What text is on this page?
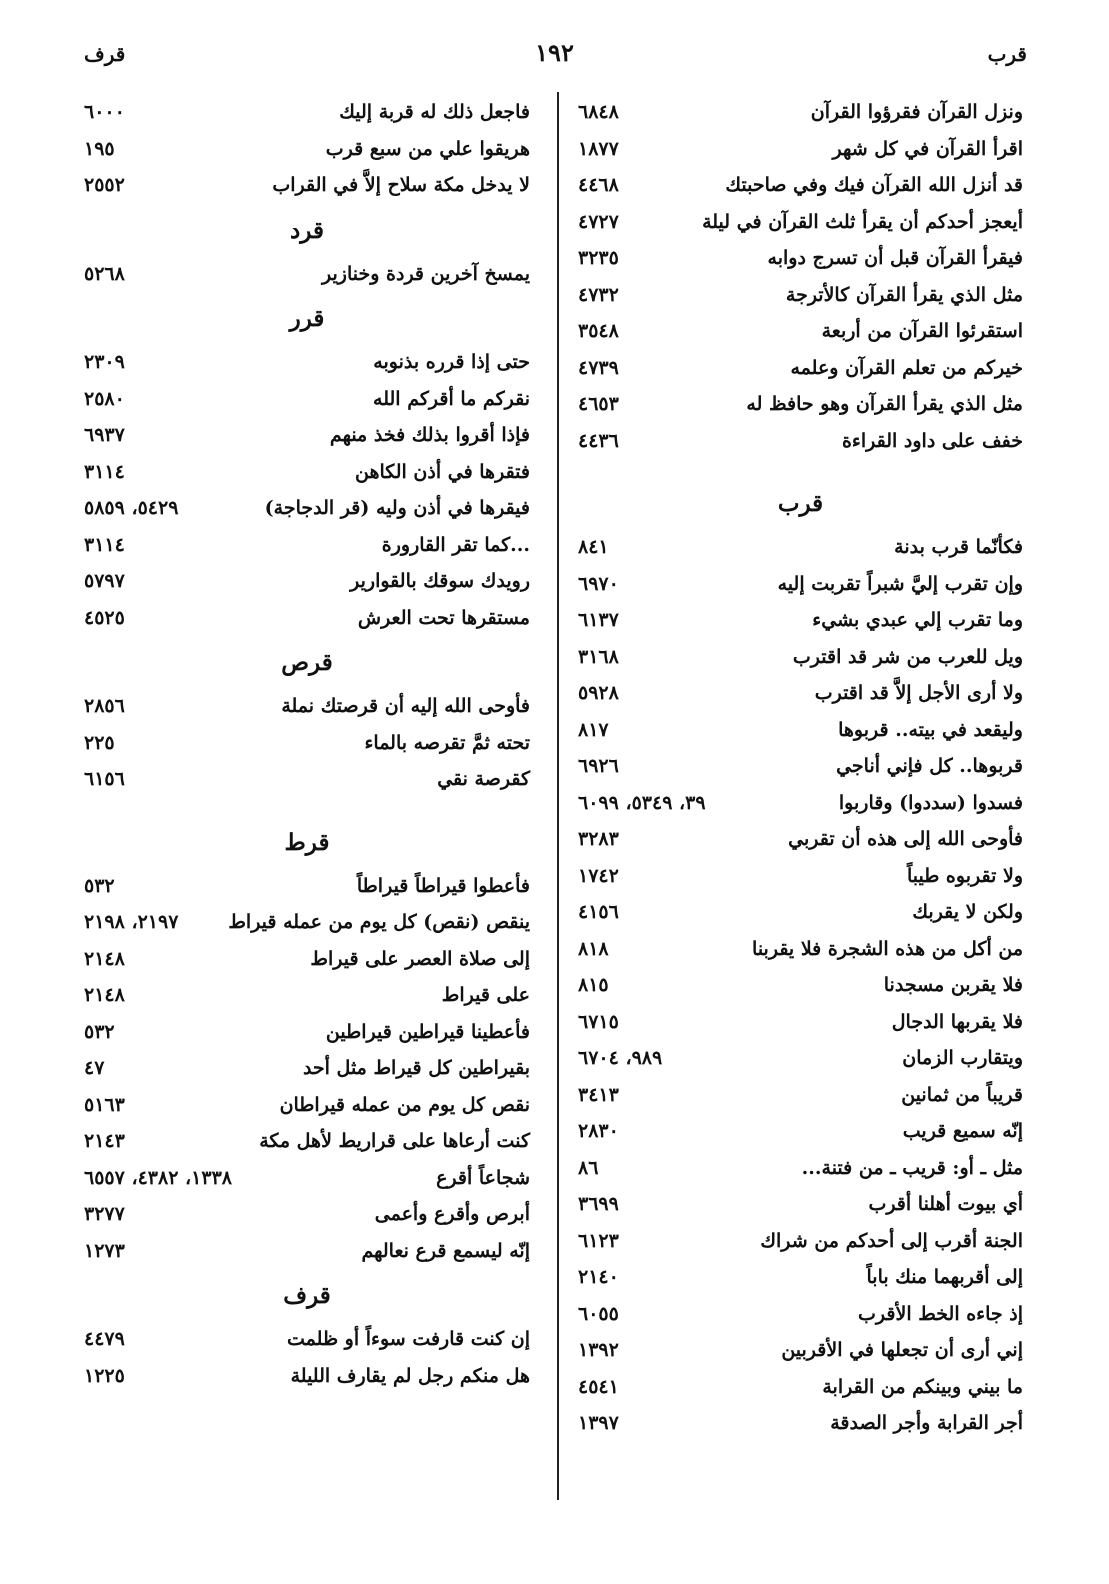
قرب
١٩٢
قرف
ونزل القرآن فقرؤوا القرآن
٦٨٤٨
اقرأ القرآن في كل شهر
١٨٧٧
قد أنزل الله القرآن فيك وفي صاحبتك
٤٤٦٨
أيعجز أحدكم أن يقرأ ثلث القرآن في ليلة
٤٧٢٧
فيقرأ القرآن قبل أن تسرج دوابه
٣٢٣٥
مثل الذي يقرأ القرآن كالأترجة
٤٧٣٢
استقرئوا القرآن من أربعة
٣٥٤٨
خيركم من تعلم القرآن وعلمه
٤٧٣٩
مثل الذي يقرأ القرآن وهو حافظ له
٤٦٥٣
خفف على داود القراءة
٤٤٣٦
قرب
فكأنّما قرب بدنة
٨٤١
وإن تقرب إليَّ شبراً تقربت إليه
٦٩٧٠
وما تقرب إلي عبدي بشيء
٦١٣٧
ويل للعرب من شر قد اقترب
٣١٦٨
ولا أرى الأجل إلاَّ قد اقترب
٥٩٢٨
وليقعد في بيته.. قربوها
٨١٧
قربوها.. كل فإني أناجي
٦٩٢٦
فسدوا (سددوا) وقاربوا
٣٩، ٥٣٤٩، ٦٠٩٩
فأوحى الله إلى هذه أن تقربي
٣٢٨٣
ولا تقربوه طيباً
١٧٤٢
ولكن لا يقربك
٤١٥٦
من أكل من هذه الشجرة فلا يقربنا
٨١٨
فلا يقربن مسجدنا
٨١٥
فلا يقربها الدجال
٦٧١٥
ويتقارب الزمان
٩٨٩، ٦٧٠٤
قريباً من ثمانين
٣٤١٣
إنّه سميع قريب
٢٨٣٠
مثل ـ أو: قريب ـ من فتنة...
٨٦
أي بيوت أهلنا أقرب
٣٦٩٩
الجنة أقرب إلى أحدكم من شراك
٦١٢٣
إلى أقربهما منك باباً
٢١٤٠
إذ جاءه الخط الأقرب
٦٠٥٥
إني أرى أن تجعلها في الأقربين
١٣٩٢
ما بيني وبينكم من القرابة
٤٥٤١
أجر القرابة وأجر الصدقة
١٣٩٧
فاجعل ذلك له قربة إليك
٦٠٠٠
هريقوا علي من سبع قرب
١٩٥
لا يدخل مكة سلاح إلاَّ في القراب
٢٥٥٢
قرد
يمسخ آخرين قردة وخنازير
٥٢٦٨
قرر
حتى إذا قرره بذنوبه
٢٣٠٩
نقركم ما أقركم الله
٢٥٨٠
فإذا أقروا بذلك فخذ منهم
٦٩٣٧
فتقرها في أذن الكاهن
٣١١٤
فيقرها في أذن وليه (قر الدجاجة)
٥٤٢٩، ٥٨٥٩
...كما تقر القارورة
٣١١٤
رويدك سوقك بالقوارير
٥٧٩٧
مستقرها تحت العرش
٤٥٢٥
قرص
فأوحى الله إليه أن قرصتك نملة
٢٨٥٦
تحته ثمَّ تقرصه بالماء
٢٢٥
كقرصة نقي
٦١٥٦
قرط
فأعطوا قيراطاً قيراطاً
٥٣٢
ينقص (نقص) كل يوم من عمله قيراط
٢١٩٧، ٢١٩٨
إلى صلاة العصر على قيراط
٢١٤٨
على قيراط
٢١٤٨
فأعطينا قيراطين قيراطين
٥٣٢
بقيراطين كل قيراط مثل أحد
٤٧
نقص كل يوم من عمله قيراطان
٥١٦٣
كنت أرعاها على قراريط لأهل مكة
٢١٤٣
شجاعاً أقرع
١٣٣٨، ٤٣٨٢، ٦٥٥٧
أبرص وأقرع وأعمى
٣٢٧٧
إنّه ليسمع قرع نعالهم
١٢٧٣
قرف
إن كنت قارفت سوءاً أو ظلمت
٤٤٧٩
هل منكم رجل لم يقارف الليلة
١٢٢٥
